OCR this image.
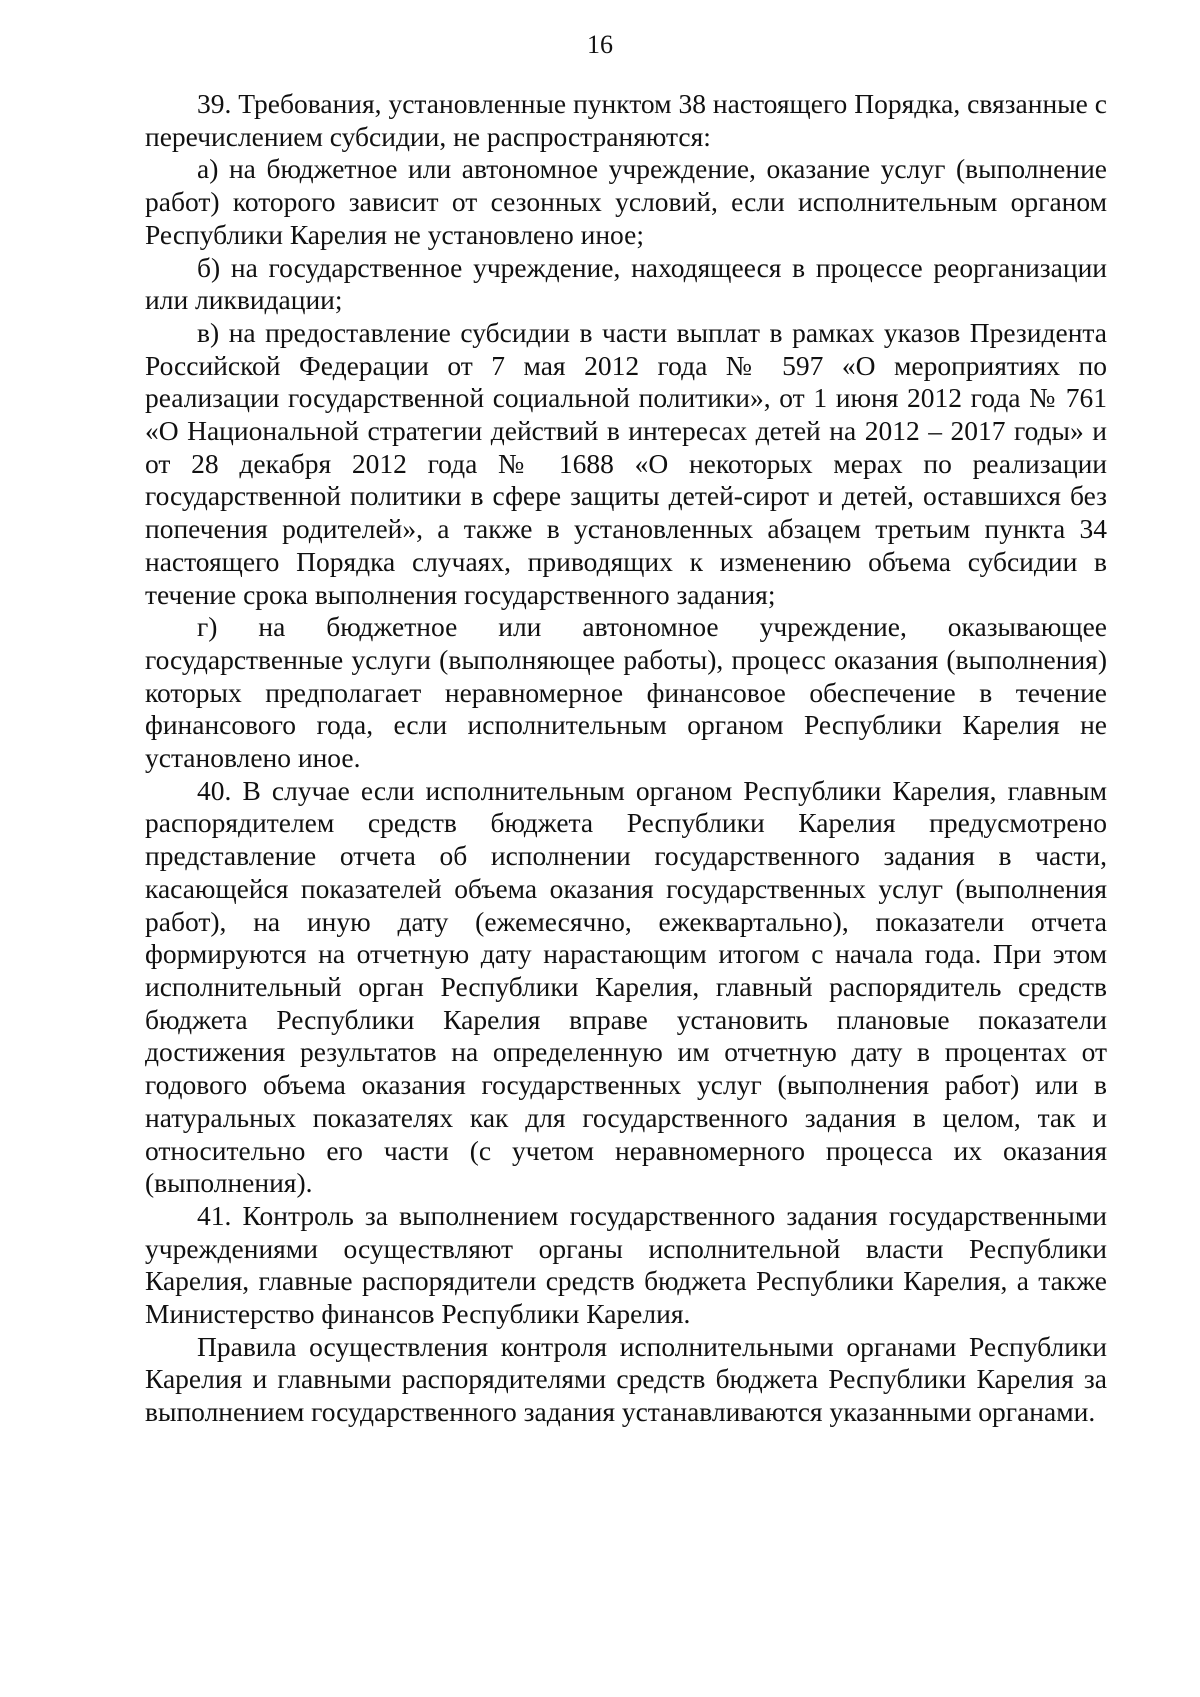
16

39. Требования, установленные пунктом 38 настоящего Порядка, связанные с перечислением субсидии, не распространяются:

а) на бюджетное или автономное учреждение, оказание услуг (выполнение работ) которого зависит от сезонных условий, если исполнительным органом Республики Карелия не установлено иное;

б) на государственное учреждение, находящееся в процессе реорганизации или ликвидации;

в) на предоставление субсидии в части выплат в рамках указов Президента Российской Федерации от 7 мая 2012 года № 597 «О мероприятиях по реализации государственной социальной политики», от 1 июня 2012 года № 761 «О Национальной стратегии действий в интересах детей на 2012 – 2017 годы» и от 28 декабря 2012 года № 1688 «О некоторых мерах по реализации государственной политики в сфере защиты детей-сирот и детей, оставшихся без попечения родителей», а также в установленных абзацем третьим пункта 34 настоящего Порядка случаях, приводящих к изменению объема субсидии в течение срока выполнения государственного задания;

г) на бюджетное или автономное учреждение, оказывающее государственные услуги (выполняющее работы), процесс оказания (выполнения) которых предполагает неравномерное финансовое обеспечение в течение финансового года, если исполнительным органом Республики Карелия не установлено иное.

40. В случае если исполнительным органом Республики Карелия, главным распорядителем средств бюджета Республики Карелия предусмотрено представление отчета об исполнении государственного задания в части, касающейся показателей объема оказания государственных услуг (выполнения работ), на иную дату (ежемесячно, ежеквартально), показатели отчета формируются на отчетную дату нарастающим итогом с начала года. При этом исполнительный орган Республики Карелия, главный распорядитель средств бюджета Республики Карелия вправе установить плановые показатели достижения результатов на определенную им отчетную дату в процентах от годового объема оказания государственных услуг (выполнения работ) или в натуральных показателях как для государственного задания в целом, так и относительно его части (с учетом неравномерного процесса их оказания (выполнения).

41. Контроль за выполнением государственного задания государственными учреждениями осуществляют органы исполнительной власти Республики Карелия, главные распорядители средств бюджета Республики Карелия, а также Министерство финансов Республики Карелия.

Правила осуществления контроля исполнительными органами Республики Карелия и главными распорядителями средств бюджета Республики Карелия за выполнением государственного задания устанавливаются указанными органами.
